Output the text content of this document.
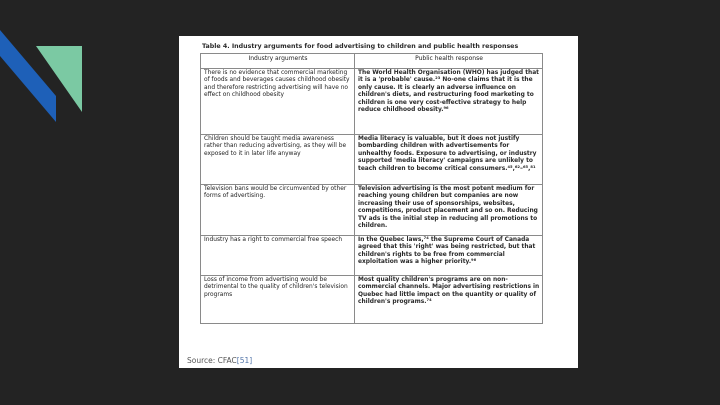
Table 4. Industry arguments for food advertising to children and public health responses
Industry arguments	Public health response
There is no evidence that commercial marketing of foods and beverages causes childhood obesity and therefore restricting advertising will have no effect on childhood obesity	The World Health Organisation (WHO) has judged that it is a 'probable' cause.²³ No-one claims that it is the only cause. It is clearly an adverse influence on children's diets, and restructuring food marketing to children is one very cost-effective strategy to help reduce childhood obesity.⁹⁶
Children should be taught media awareness rather than reducing advertising, as they will be exposed to it in later life anyway	Media literacy is valuable, but it does not justify bombarding children with advertisements for unhealthy foods. Exposure to advertising, or industry supported 'media literacy' campaigns are unlikely to teach children to become critical consumers.⁴⁵,⁶²–⁶⁵,⁸¹
Television bans would be circumvented by other forms of advertising.	Television advertising is the most potent medium for reaching young children but companies are now increasing their use of sponsorships, websites, competitions, product placement and so on. Reducing TV ads is the initial step in reducing all promotions to children.
Industry has a right to commercial free speech	In the Quebec laws,⁷⁴ the Supreme Court of Canada agreed that this 'right' was being restricted, but that children's rights to be free from commercial exploitation was a higher priority.⁹⁶
Loss of income from advertising would be detrimental to the quality of children's television programs	Most quality children's programs are on non-commercial channels. Major advertising restrictions in Quebec had little impact on the quantity or quality of children's programs.⁷⁴
Source: CFAC[51]
